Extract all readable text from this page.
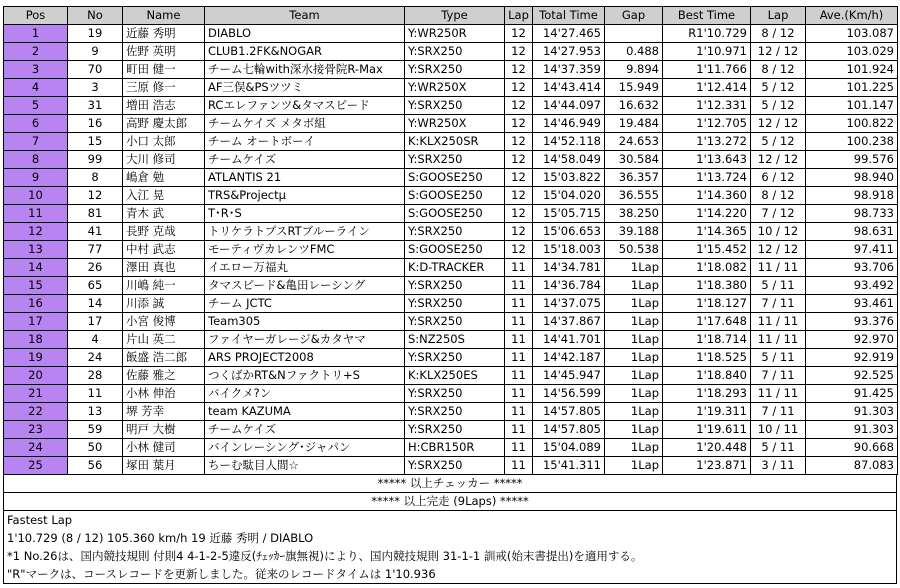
Pos	No	Name	Team	Type	Lap	Total Time	Gap	Best Time	Lap	Ave.(Km/h)
1	19	近藤 秀明	DIABLO	Y:WR250R	12	14'27.465		R1'10.729	8 / 12	103.087
2	9	佐野 英明	CLUB1.2FK&NOGAR	Y:SRX250	12	14'27.953	0.488	1'10.971	12 / 12	103.029
3	70	町田 健一	チーム七輪with深水接骨院R-Max	Y:SRX250	12	14'37.359	9.894	1'11.766	8 / 12	101.924
4	3	三原 修一	AF三俣&PSツツミ	Y:WR250X	12	14'43.414	15.949	1'12.414	5 / 12	101.225
5	31	増田 浩志	RCエレファンツ&タマスピード	Y:SRX250	12	14'44.097	16.632	1'12.331	5 / 12	101.147
6	16	高野 慶太郎	チームケイズ メタボ組	Y:WR250X	12	14'46.949	19.484	1'12.705	12 / 12	100.822
7	15	小口 太郎	チーム オートボーイ	K:KLX250SR	12	14'52.118	24.653	1'13.272	5 / 12	100.238
8	99	大川 修司	チームケイズ	Y:SRX250	12	14'58.049	30.584	1'13.643	12 / 12	99.576
9	8	嶋倉 勉	ATLANTIS 21	S:GOOSE250	12	15'03.822	36.357	1'13.724	6 / 12	98.940
10	12	入江 晃	TRS&Projectμ	S:GOOSE250	12	15'04.020	36.555	1'14.360	8 / 12	98.918
11	81	青木 武	T･R･S	S:GOOSE250	12	15'05.715	38.250	1'14.220	7 / 12	98.733
12	41	長野 克哉	トリケラトプスRTブルーライン	Y:SRX250	12	15'06.653	39.188	1'14.365	10 / 12	98.631
13	77	中村 武志	モーティヴカレンツFMC	S:GOOSE250	12	15'18.003	50.538	1'15.452	12 / 12	97.411
14	26	澤田 真也	イエロー万福丸	K:D-TRACKER	11	14'34.781	1Lap	1'18.082	11 / 11	93.706
15	65	川嶋 純一	タマスピード&亀田レーシング	Y:SRX250	11	14'36.784	1Lap	1'18.380	5 / 11	93.492
16	14	川添 誠	チーム JCTC	Y:SRX250	11	14'37.075	1Lap	1'18.127	7 / 11	93.461
17	17	小宮 俊博	Team305	Y:SRX250	11	14'37.867	1Lap	1'17.648	11 / 11	93.376
18	4	片山 英二	ファイヤーガレージ&カタヤマ	S:NZ250S	11	14'41.701	1Lap	1'18.714	11 / 11	92.970
19	24	飯盛 浩二郎	ARS PROJECT2008	Y:SRX250	11	14'42.187	1Lap	1'18.525	5 / 11	92.919
20	28	佐藤 雅之	つくばかRT&Nファクトリ+S	K:KLX250ES	11	14'45.947	1Lap	1'18.840	7 / 11	92.525
21	11	小林 伸治	バイクメ?ン	Y:SRX250	11	14'56.599	1Lap	1'18.293	11 / 11	91.425
22	13	堺 芳幸	team KAZUMA	Y:SRX250	11	14'57.805	1Lap	1'19.311	7 / 11	91.303
23	59	明戸 大樹	チームケイズ	Y:SRX250	11	14'57.805	1Lap	1'19.611	10 / 11	91.303
24	50	小林 健司	バインレーシング･ジャパン	H:CBR150R	11	15'04.089	1Lap	1'20.448	5 / 11	90.668
25	56	塚田 葉月	ちーむ駄目人間☆	Y:SRX250	11	15'41.311	1Lap	1'23.871	3 / 11	87.083
***** 以上チェッカー *****
***** 以上完走 (9Laps) *****
Fastest Lap
1'10.729 (8 / 12) 105.360 km/h 19 近藤 秀明 / DIABLO
*1 No.26は、国内競技規則 付則4 4-1-2-5違反(ﾁｪｯｶｰ旗無視)により、国内競技規則 31-1-1 訓戒(始末書提出)を適用する。
"R"マークは、コースレコードを更新しました。従来のレコードタイムは 1'10.936
